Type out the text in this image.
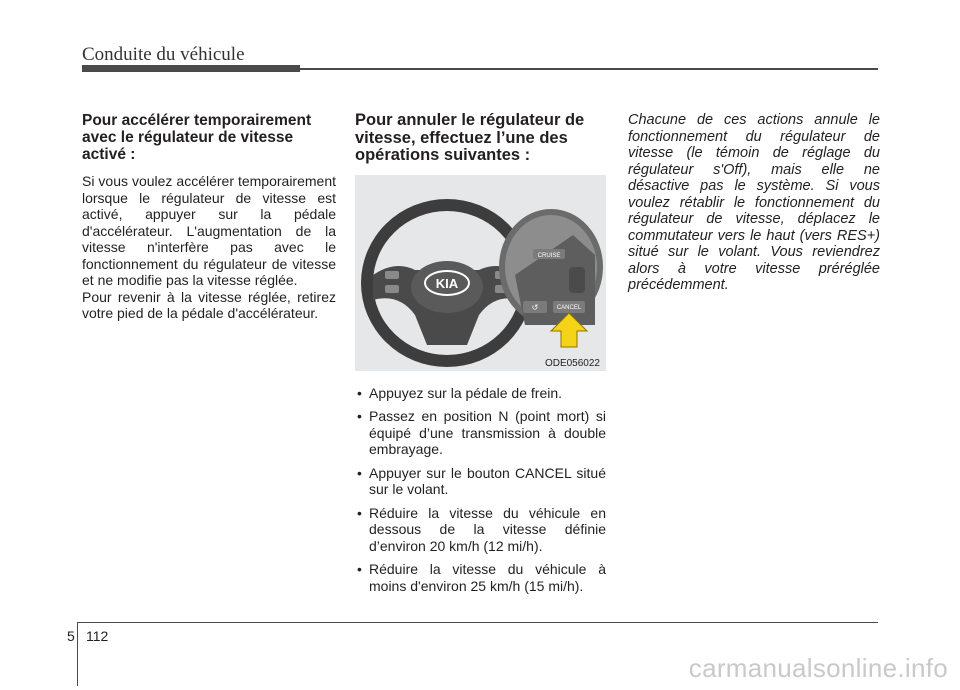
Conduite du véhicule
Pour accélérer temporairement avec le régulateur de vitesse activé :

Si vous voulez accélérer temporairement lorsque le régulateur de vitesse est activé, appuyer sur la pédale d'accélérateur. L'augmentation de la vitesse n'interfère pas avec le fonctionnement du régulateur de vitesse et ne modifie pas la vitesse réglée.

Pour revenir à la vitesse réglée, retirez votre pied de la pédale d'accélérateur.

Pour annuler le régulateur de vitesse, effectuez l’une des opérations suivantes :
KIA
CRUISE
↺	CANCEL
ODE056022
• Appuyez sur la pédale de frein.
• Passez en position N (point mort) si équipé d’une transmission à double embrayage.
• Appuyer sur le bouton CANCEL situé sur le volant.
• Réduire la vitesse du véhicule en dessous de la vitesse définie d’environ 20 km/h (12 mi/h).
• Réduire la vitesse du véhicule à moins d'environ 25 km/h (15 mi/h).

Chacune de ces actions annule le fonctionnement du régulateur de vitesse (le témoin de réglage du régulateur s'Off), mais elle ne désactive pas le système. Si vous voulez rétablir le fonctionnement du régulateur de vitesse, déplacez le commutateur vers le haut (vers RES+) situé sur le volant. Vous reviendrez alors à votre vitesse préréglée précédemment.

5 112
carmanualsonline.info
